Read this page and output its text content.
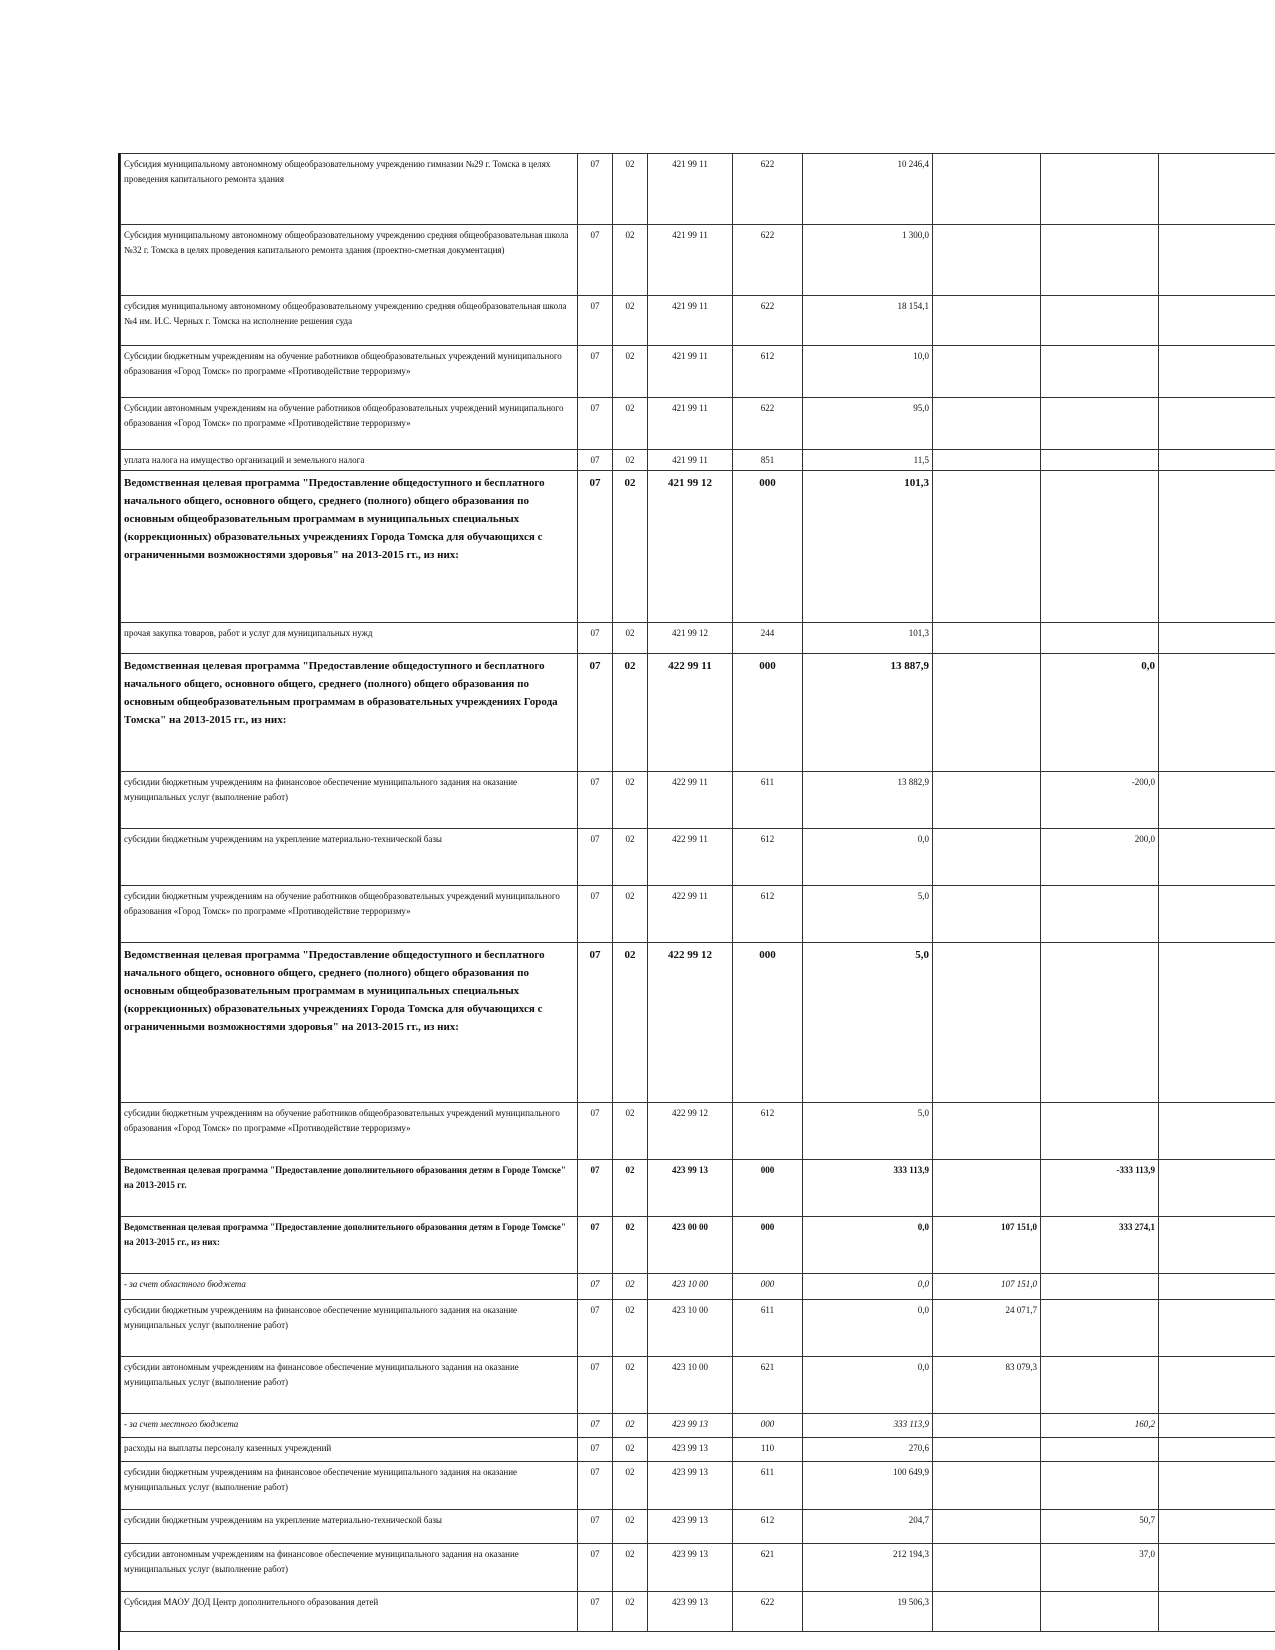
Субсидия муниципальному автономному общеобразовательному учреждению гимназии №29 г. Томска в целях проведения капитального ремонта здания	07	02	421 99 11	622	10 246,4			
Субсидия муниципальному автономному общеобразовательному учреждению средняя общеобразовательная школа №32 г. Томска в целях проведения капитального ремонта здания (проектно-сметная документация)	07	02	421 99 11	622	1 300,0			
субсидия муниципальному автономному общеобразовательному учреждению средняя общеобразовательная школа №4 им. И.С. Черных г. Томска на исполнение решения суда	07	02	421 99 11	622	18 154,1			
Субсидии бюджетным учреждениям на обучение работников общеобразовательных учреждений муниципального образования «Город Томск» по программе «Противодействие терроризму»	07	02	421 99 11	612	10,0			
Субсидии автономным учреждениям на обучение работников общеобразовательных учреждений муниципального образования «Город Томск» по программе «Противодействие терроризму»	07	02	421 99 11	622	95,0			
уплата налога на имущество организаций и земельного налога	07	02	421 99 11	851	11,5			
Ведомственная целевая программа "Предоставление общедоступного и бесплатного начального общего, основного общего, среднего (полного) общего образования по основным общеобразовательным программам в муниципальных специальных (коррекционных) образовательных учреждениях Города Томска для обучающихся с ограниченными возможностями здоровья" на 2013-2015 гг., из них:	07	02	421 99 12	000	101,3			
прочая закупка товаров, работ и услуг для муниципальных нужд	07	02	421 99 12	244	101,3			
Ведомственная целевая программа "Предоставление общедоступного и бесплатного начального общего, основного общего, среднего (полного) общего образования по основным общеобразовательным программам в образовательных учреждениях Города Томска" на 2013-2015 гг., из них:	07	02	422 99 11	000	13 887,9		0,0	
субсидии бюджетным учреждениям на финансовое обеспечение муниципального задания на оказание муниципальных услуг (выполнение работ)	07	02	422 99 11	611	13 882,9		-200,0	
субсидии бюджетным учреждениям на укрепление материально-технической базы	07	02	422 99 11	612	0,0		200,0	
субсидии бюджетным учреждениям на обучение работников общеобразовательных учреждений муниципального образования «Город Томск» по программе «Противодействие терроризму»	07	02	422 99 11	612	5,0			
Ведомственная целевая программа "Предоставление общедоступного и бесплатного начального общего, основного общего, среднего (полного) общего образования по основным общеобразовательным программам в муниципальных специальных (коррекционных) образовательных учреждениях Города Томска для обучающихся с ограниченными возможностями здоровья" на 2013-2015 гг., из них:	07	02	422 99 12	000	5,0			
субсидии бюджетным учреждениям на обучение работников общеобразовательных учреждений муниципального образования «Город Томск» по программе «Противодействие терроризму»	07	02	422 99 12	612	5,0			
Ведомственная целевая программа "Предоставление дополнительного образования детям в Городе Томске" на 2013-2015 гг.	07	02	423 99 13	000	333 113,9		-333 113,9	
Ведомственная целевая программа "Предоставление дополнительного образования детям в Городе Томске" на 2013-2015 гг., из них:	07	02	423 00 00	000	0,0	107 151,0	333 274,1	
- за счет областного бюджета	07	02	423 10 00	000	0,0	107 151,0		
субсидии бюджетным учреждениям на финансовое обеспечение муниципального задания на оказание муниципальных услуг (выполнение работ)	07	02	423 10 00	611	0,0	24 071,7		
субсидии автономным учреждениям на финансовое обеспечение муниципального задания на оказание муниципальных услуг (выполнение работ)	07	02	423 10 00	621	0,0	83 079,3		
- за счет местного бюджета	07	02	423 99 13	000	333 113,9		160,2	
расходы на выплаты персоналу казенных учреждений	07	02	423 99 13	110	270,6			
субсидии бюджетным учреждениям на финансовое обеспечение муниципального задания на оказание муниципальных услуг (выполнение работ)	07	02	423 99 13	611	100 649,9			
субсидии бюджетным учреждениям на укрепление материально-технической базы	07	02	423 99 13	612	204,7		50,7	
субсидии автономным учреждениям на финансовое обеспечение муниципального задания на оказание муниципальных услуг (выполнение работ)	07	02	423 99 13	621	212 194,3		37,0	
Субсидия МАОУ ДОД Центр дополнительного образования детей	07	02	423 99 13	622	19 506,3			
